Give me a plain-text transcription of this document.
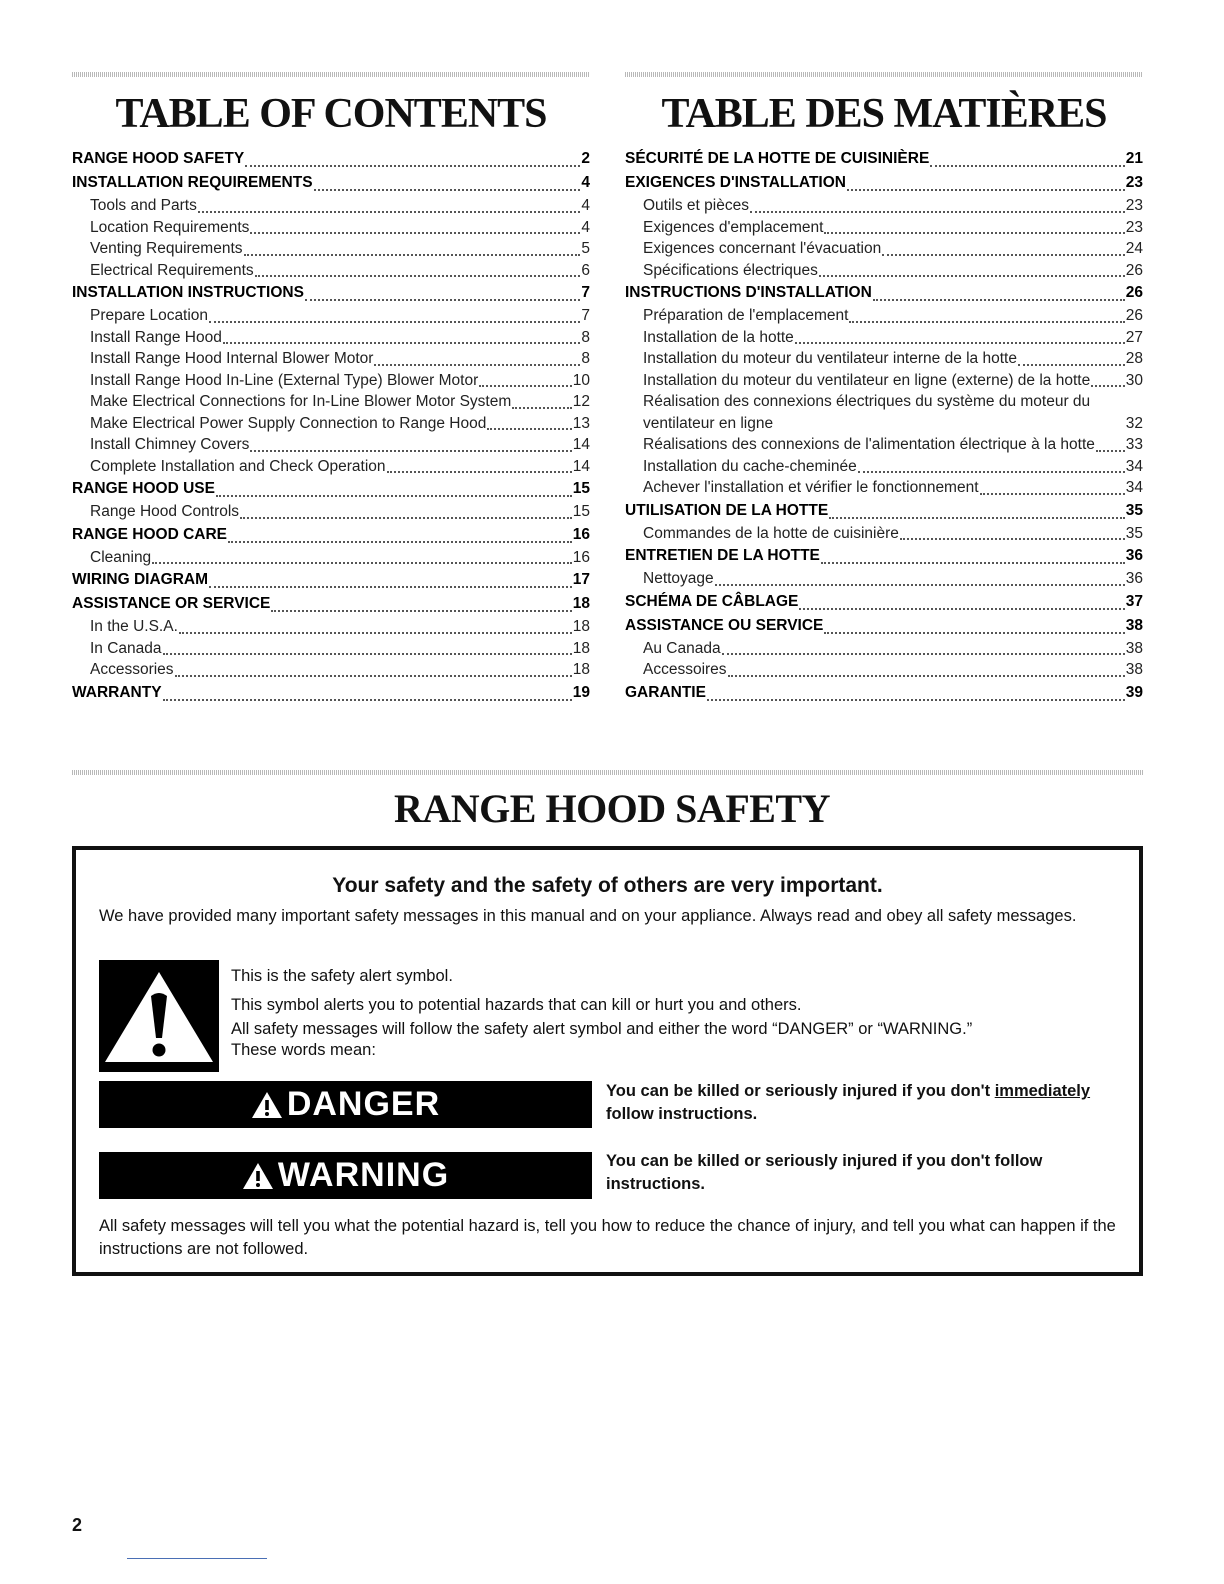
TABLE OF CONTENTS
RANGE HOOD SAFETY	2
INSTALLATION REQUIREMENTS	4
Tools and Parts	4
Location Requirements	4
Venting Requirements	5
Electrical Requirements	6
INSTALLATION INSTRUCTIONS	7
Prepare Location	7
Install Range Hood	8
Install Range Hood Internal Blower Motor	8
Install Range Hood In-Line (External Type) Blower Motor	10
Make Electrical Connections for In-Line Blower Motor System	12
Make Electrical Power Supply Connection to Range Hood	13
Install Chimney Covers	14
Complete Installation and Check Operation	14
RANGE HOOD USE	15
Range Hood Controls	15
RANGE HOOD CARE	16
Cleaning	16
WIRING DIAGRAM	17
ASSISTANCE OR SERVICE	18
In the U.S.A.	18
In Canada	18
Accessories	18
WARRANTY	19
TABLE DES MATIÈRES
SÉCURITÉ DE LA HOTTE DE CUISINIÈRE	21
EXIGENCES D'INSTALLATION	23
Outils et pièces	23
Exigences d'emplacement	23
Exigences concernant l'évacuation	24
Spécifications électriques	26
INSTRUCTIONS D'INSTALLATION	26
Préparation de l'emplacement	26
Installation de la hotte	27
Installation du moteur du ventilateur interne de la hotte	28
Installation du moteur du ventilateur en ligne (externe) de la hotte 30
Réalisation des connexions électriques du système du moteur du ventilateur en ligne	32
Réalisations des connexions de l'alimentation électrique à la hotte 33
Installation du cache-cheminée	34
Achever l'installation et vérifier le fonctionnement	34
UTILISATION DE LA HOTTE	35
Commandes de la hotte de cuisinière	35
ENTRETIEN DE LA HOTTE	36
Nettoyage	36
SCHÉMA DE CÂBLAGE	37
ASSISTANCE OU SERVICE	38
Au Canada	38
Accessoires	38
GARANTIE	39
RANGE HOOD SAFETY

Your safety and the safety of others are very important.

We have provided many important safety messages in this manual and on your appliance. Always read and obey all safety messages.

This is the safety alert symbol.

This symbol alerts you to potential hazards that can kill or hurt you and others.

All safety messages will follow the safety alert symbol and either the word “DANGER” or “WARNING.”

These words mean:

DANGER	You can be killed or seriously injured if you don't immediately follow instructions.

WARNING	You can be killed or seriously injured if you don't follow instructions.

All safety messages will tell you what the potential hazard is, tell you how to reduce the chance of injury, and tell you what can happen if the instructions are not followed.

2
